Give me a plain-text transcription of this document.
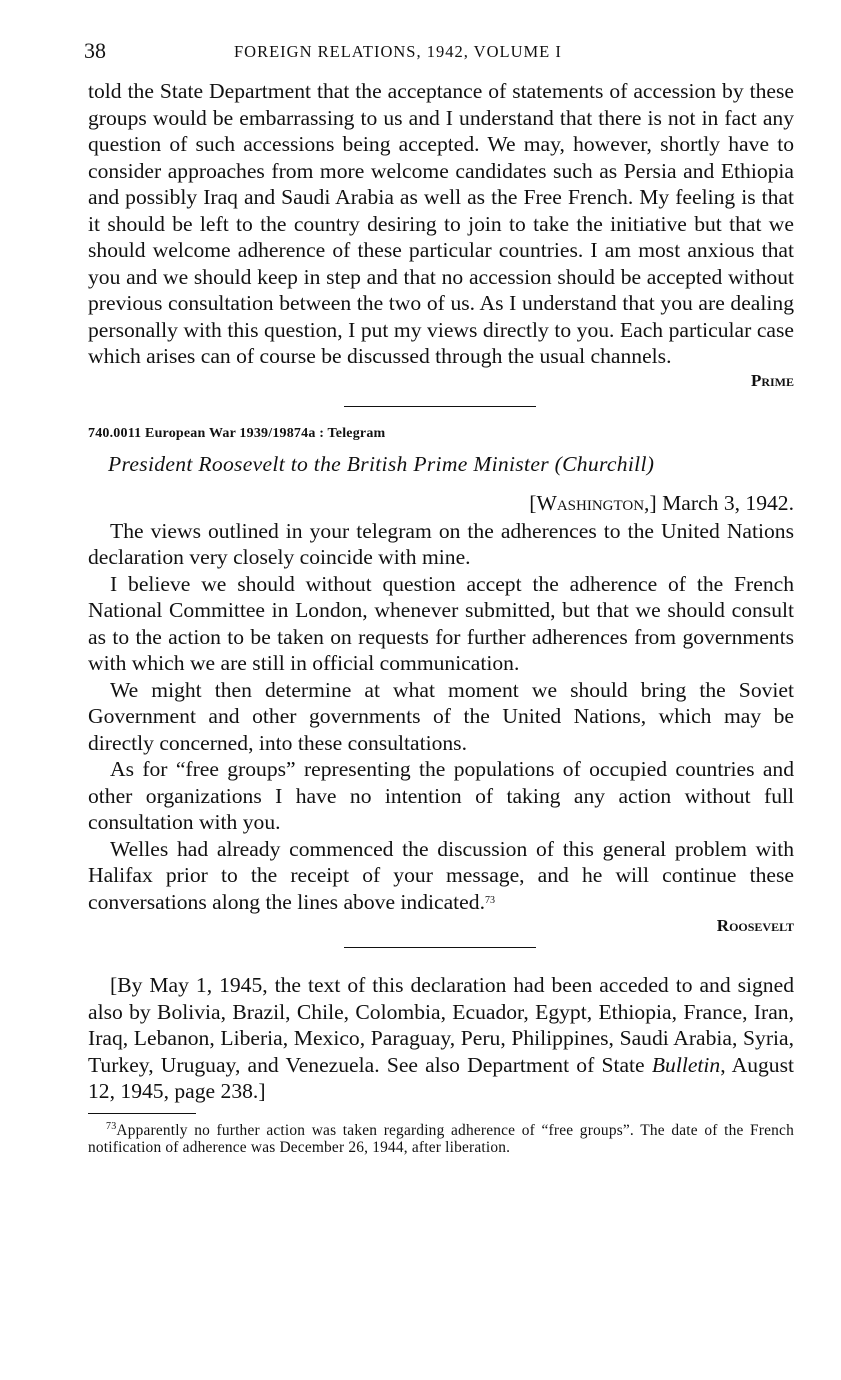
38	FOREIGN RELATIONS, 1942, VOLUME I

told the State Department that the acceptance of statements of accession by these groups would be embarrassing to us and I understand that there is not in fact any question of such accessions being accepted. We may, however, shortly have to consider approaches from more welcome candidates such as Persia and Ethiopia and possibly Iraq and Saudi Arabia as well as the Free French. My feeling is that it should be left to the country desiring to join to take the initiative but that we should welcome adherence of these particular countries. I am most anxious that you and we should keep in step and that no accession should be accepted without previous consultation between the two of us. As I understand that you are dealing personally with this question, I put my views directly to you. Each particular case which arises can of course be discussed through the usual channels.

Prime
740.0011 European War 1939/19874a : Telegram
President Roosevelt to the British Prime Minister (Churchill)
[Washington,] March 3, 1942.

The views outlined in your telegram on the adherences to the United Nations declaration very closely coincide with mine.

I believe we should without question accept the adherence of the French National Committee in London, whenever submitted, but that we should consult as to the action to be taken on requests for further adherences from governments with which we are still in official communication.

We might then determine at what moment we should bring the Soviet Government and other governments of the United Nations, which may be directly concerned, into these consultations.

As for “free groups” representing the populations of occupied countries and other organizations I have no intention of taking any action without full consultation with you.

Welles had already commenced the discussion of this general problem with Halifax prior to the receipt of your message, and he will continue these conversations along the lines above indicated.$^{73}$

Roosevelt

[By May 1, 1945, the text of this declaration had been acceded to and signed also by Bolivia, Brazil, Chile, Colombia, Ecuador, Egypt, Ethiopia, France, Iran, Iraq, Lebanon, Liberia, Mexico, Paraguay, Peru, Philippines, Saudi Arabia, Syria, Turkey, Uruguay, and Venezuela. See also Department of State Bulletin, August 12, 1945, page 238.]

$^{73}$Apparently no further action was taken regarding adherence of “free groups”. The date of the French notification of adherence was December 26, 1944, after liberation.
